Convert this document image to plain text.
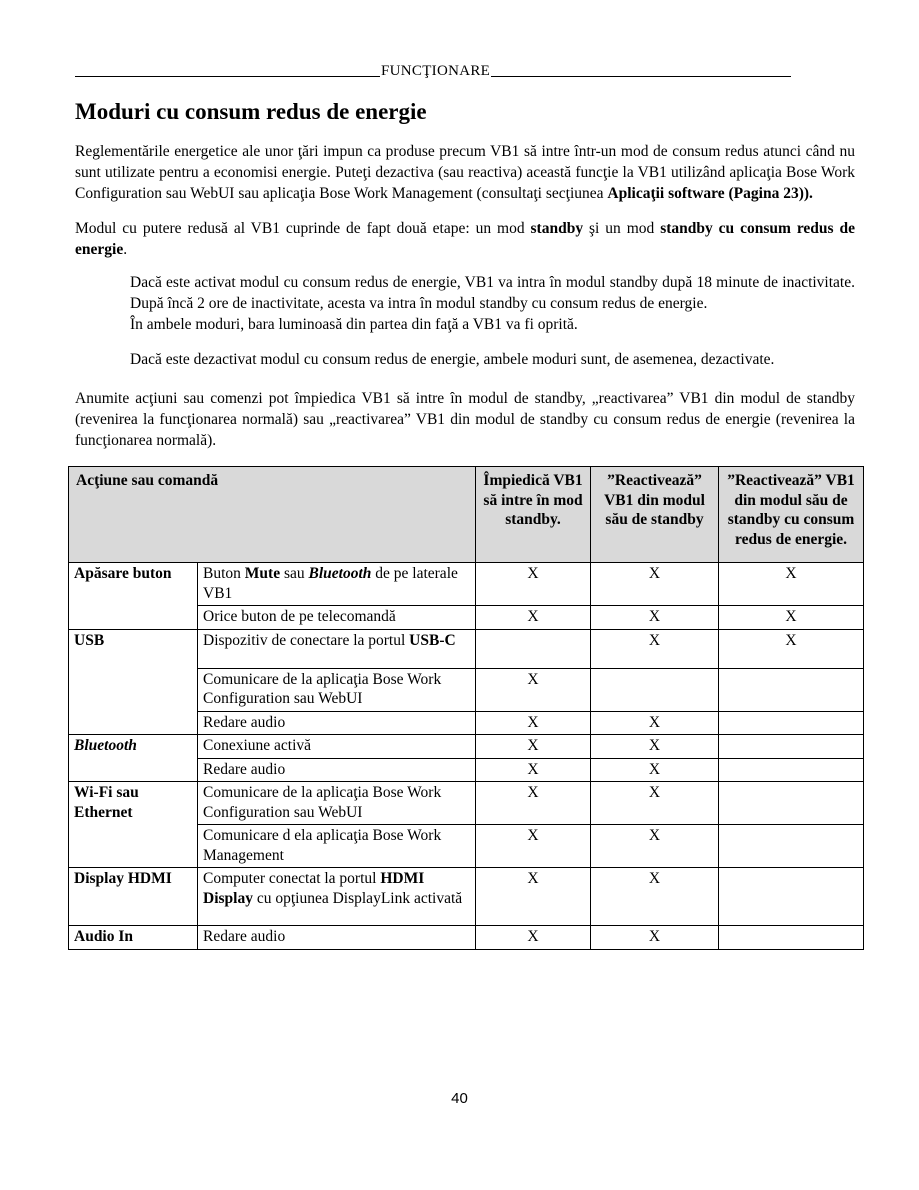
FUNCŢIONARE
Moduri cu consum redus de energie

Reglementările energetice ale unor ţări impun ca produse precum VB1 să intre într-un mod de consum redus atunci când nu sunt utilizate pentru a economisi energie. Puteţi dezactiva (sau reactiva) această funcţie la VB1 utilizând aplicaţia Bose Work Configuration sau WebUI sau aplicaţia Bose Work Management (consultaţi secţiunea Aplicaţii software (Pagina 23)).

Modul cu putere redusă al VB1 cuprinde de fapt două etape: un mod standby şi un mod standby cu consum redus de energie.

Dacă este activat modul cu consum redus de energie, VB1 va intra în modul standby după 18 minute de inactivitate. După încă 2 ore de inactivitate, acesta va intra în modul standby cu consum redus de energie.
În ambele moduri, bara luminoasă din partea din faţă a VB1 va fi oprită.

Dacă este dezactivat modul cu consum redus de energie, ambele moduri sunt, de asemenea, dezactivate.

Anumite acţiuni sau comenzi pot împiedica VB1 să intre în modul de standby, „reactivarea” VB1 din modul de standby (revenirea la funcţionarea normală) sau „reactivarea” VB1 din modul de standby cu consum redus de energie (revenirea la funcţionarea normală).

Acţiune sau comandă		Împiedică VB1 să intre în mod standby.	”Reactivează” VB1 din modul său de standby	”Reactivează” VB1 din modul său de standby cu consum redus de energie.
Apăsare buton	Buton Mute sau Bluetooth de pe laterale VB1	X	X	X
	Orice buton de pe telecomandă	X	X	X
USB	Dispozitiv de conectare la portul USB-C		X	X
	Comunicare de la aplicaţia Bose Work Configuration sau WebUI	X		
	Redare audio	X	X	
Bluetooth	Conexiune activă	X	X	
	Redare audio	X	X	
Wi-Fi sau Ethernet	Comunicare de la aplicaţia Bose Work Configuration sau WebUI	X	X	
	Comunicare d ela aplicaţia Bose Work Management	X	X	
Display HDMI	Computer conectat la portul HDMI Display cu opţiunea DisplayLink activată	X	X	
Audio In	Redare audio	X	X	
40
